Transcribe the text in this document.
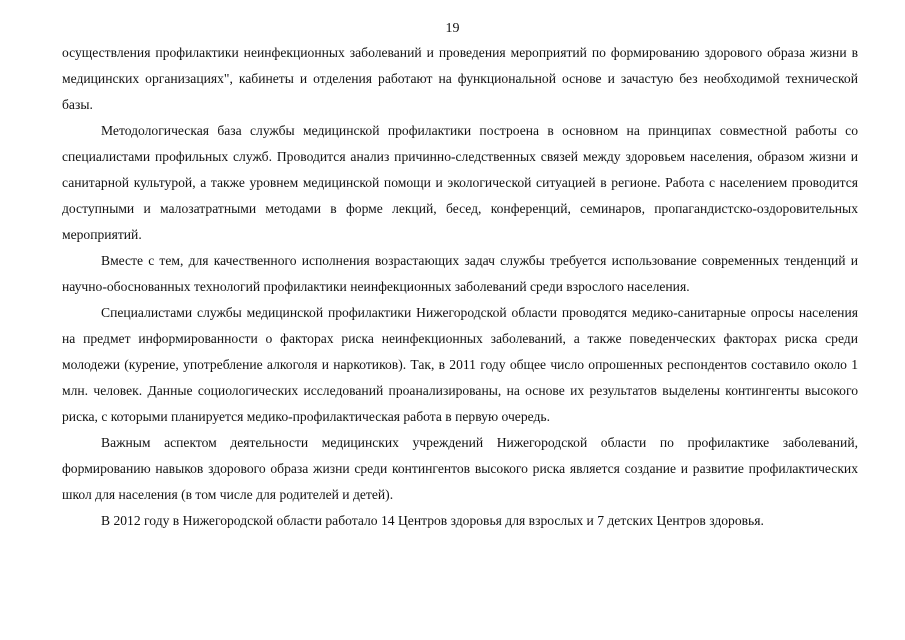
19

осуществления профилактики неинфекционных заболеваний и проведения мероприятий по формированию здорового образа жизни в медицинских организациях", кабинеты и отделения работают на функциональной основе и зачастую без необходимой технической базы.

Методологическая база службы медицинской профилактики построена в основном на принципах совместной работы со специалистами профильных служб. Проводится анализ причинно-следственных связей между здоровьем населения, образом жизни и санитарной культурой, а также уровнем медицинской помощи и экологической ситуацией в регионе. Работа с населением проводится доступными и малозатратными методами в форме лекций, бесед, конференций, семинаров, пропагандистско-оздоровительных мероприятий.

Вместе с тем, для качественного исполнения возрастающих задач службы требуется использование современных тенденций и научно-обоснованных технологий профилактики неинфекционных заболеваний среди взрослого населения.

Специалистами службы медицинской профилактики Нижегородской области проводятся медико-санитарные опросы населения на предмет информированности о факторах риска неинфекционных заболеваний, а также поведенческих факторах риска среди молодежи (курение, употребление алкоголя и наркотиков). Так, в 2011 году общее число опрошенных респондентов составило около 1 млн. человек. Данные социологических исследований проанализированы, на основе их результатов выделены контингенты высокого риска, с которыми планируется медико-профилактическая работа в первую очередь.

Важным аспектом деятельности медицинских учреждений Нижегородской области по профилактике заболеваний, формированию навыков здорового образа жизни среди контингентов высокого риска является создание и развитие профилактических школ для населения (в том числе для родителей и детей).

В 2012 году в Нижегородской области работало 14 Центров здоровья для взрослых и 7 детских Центров здоровья.
